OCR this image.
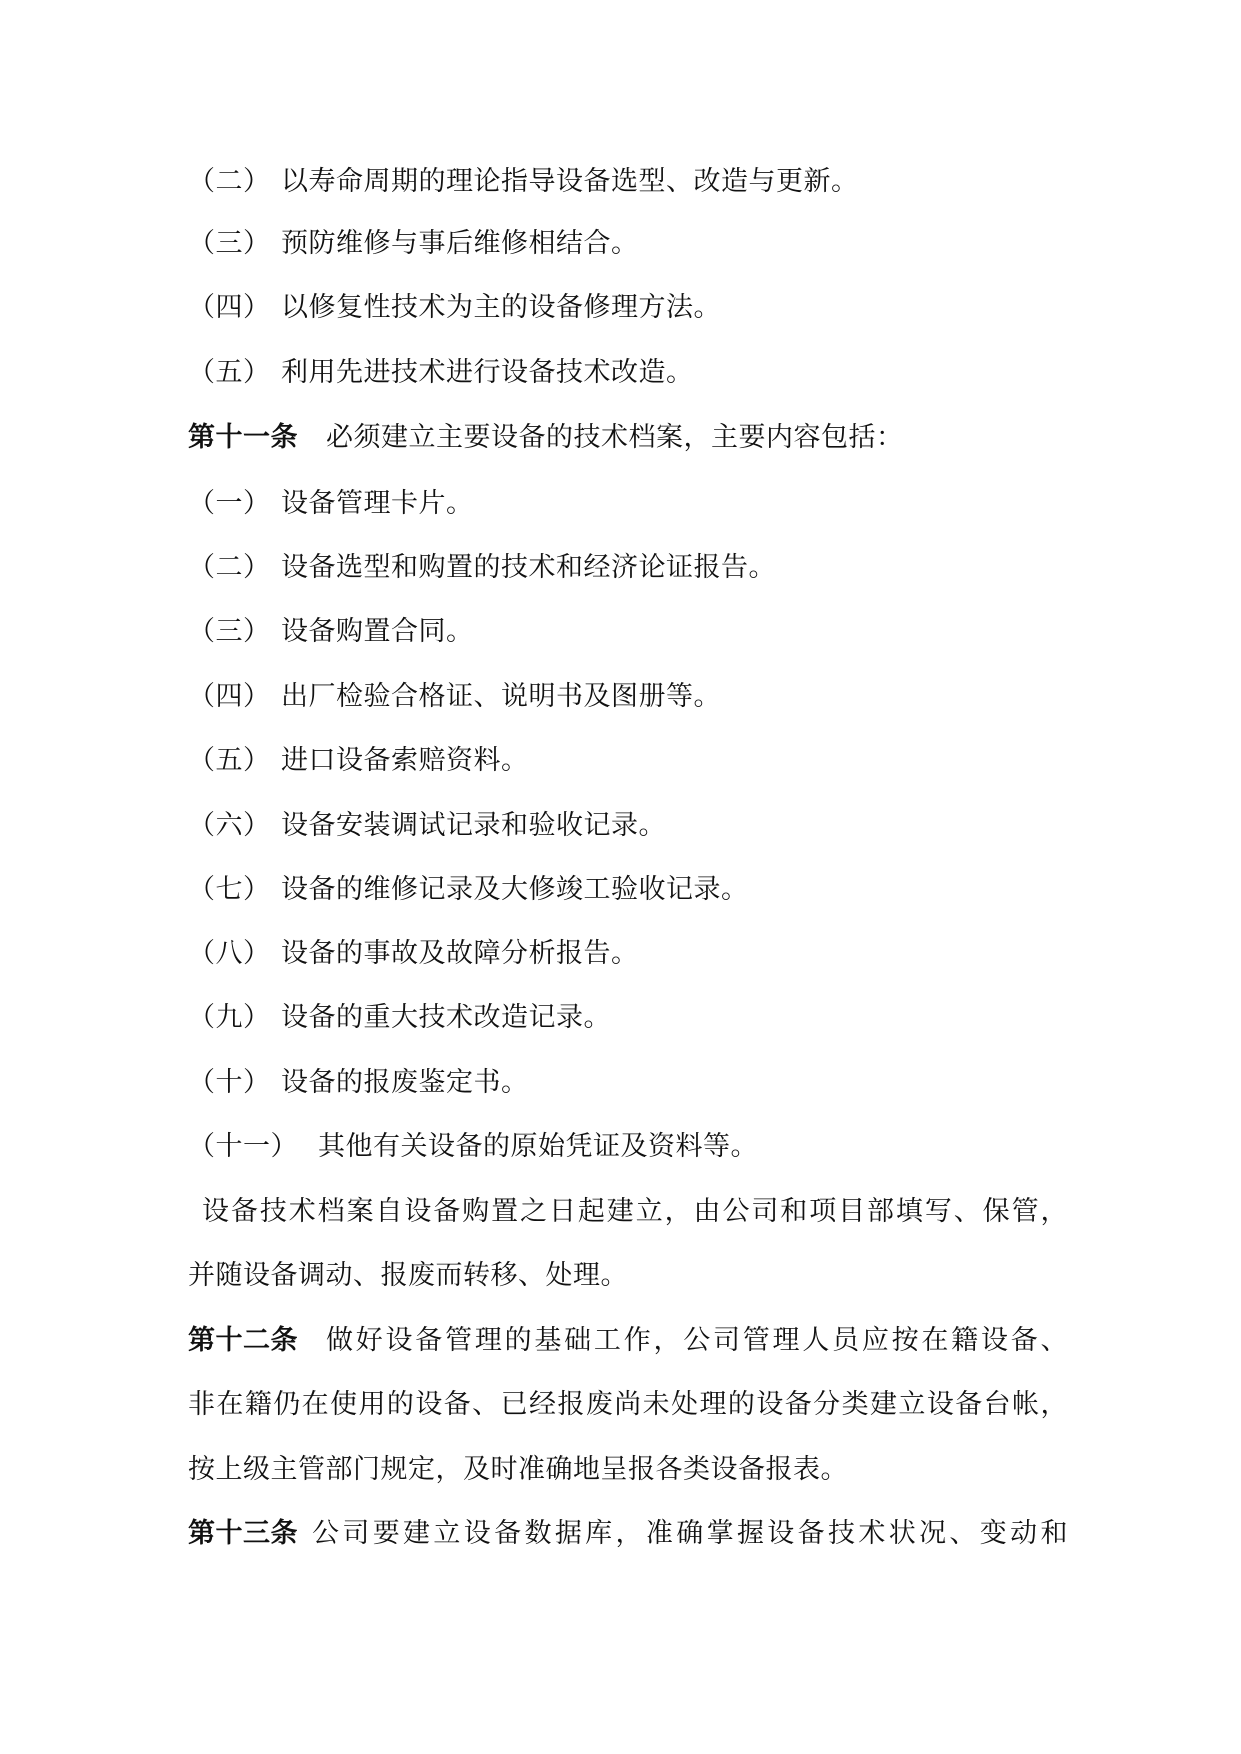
（二） 以寿命周期的理论指导设备选型、改造与更新。
（三） 预防维修与事后维修相结合。
（四） 以修复性技术为主的设备修理方法。
（五） 利用先进技术进行设备技术改造。
第十一条 必须建立主要设备的技术档案，主要内容包括：
（一） 设备管理卡片。
（二） 设备选型和购置的技术和经济论证报告。
（三） 设备购置合同。
（四） 出厂检验合格证、说明书及图册等。
（五） 进口设备索赔资料。
（六） 设备安装调试记录和验收记录。
（七） 设备的维修记录及大修竣工验收记录。
（八） 设备的事故及故障分析报告。
（九） 设备的重大技术改造记录。
（十） 设备的报废鉴定书。
（十一） 其他有关设备的原始凭证及资料等。
设备技术档案自设备购置之日起建立，由公司和项目部填写、保管，
并随设备调动、报废而转移、处理。
第十二条 做好设备管理的基础工作，公司管理人员应按在籍设备、
非在籍仍在使用的设备、已经报废尚未处理的设备分类建立设备台帐，
按上级主管部门规定，及时准确地呈报各类设备报表。
第十三条 公司要建立设备数据库，准确掌握设备技术状况、变动和
